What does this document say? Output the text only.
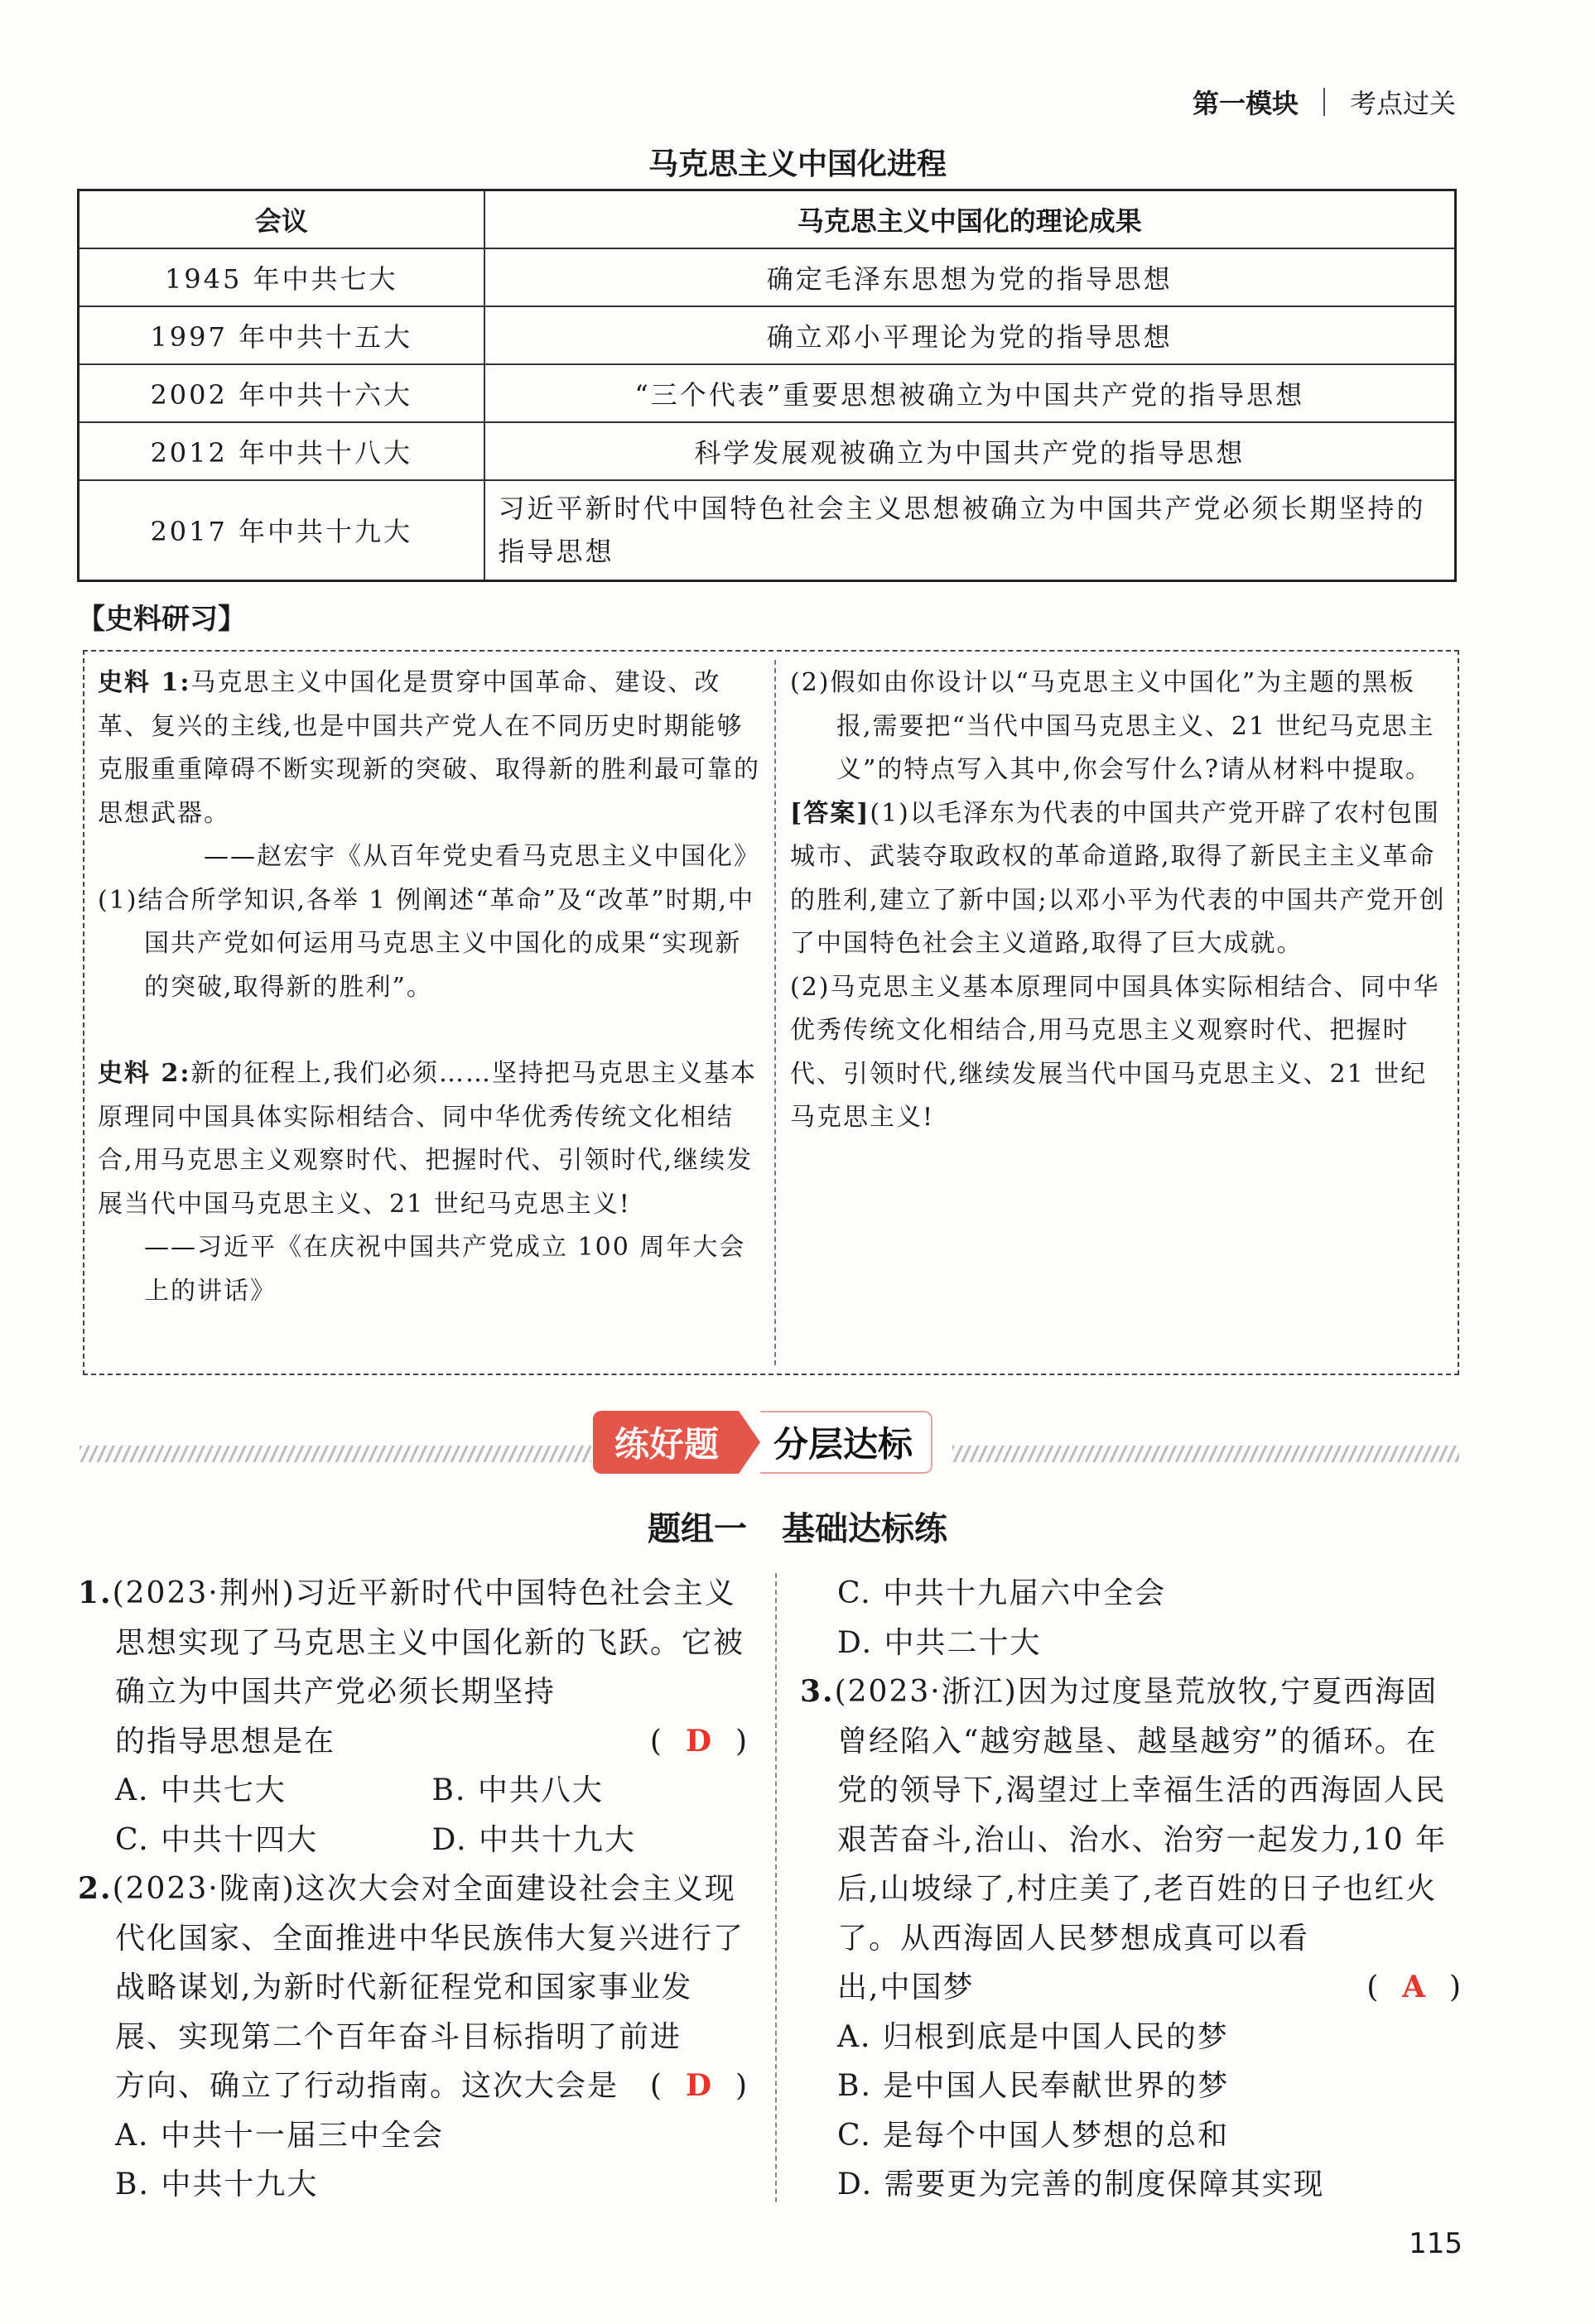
第一模块 考点过关
马克思主义中国化进程
会议	马克思主义中国化的理论成果
1945 年中共七大	确定毛泽东思想为党的指导思想
1997 年中共十五大	确立邓小平理论为党的指导思想
2002 年中共十六大	“三个代表”重要思想被确立为中国共产党的指导思想
2012 年中共十八大	科学发展观被确立为中国共产党的指导思想
2017 年中共十九大	习近平新时代中国特色社会主义思想被确立为中国共产党必须长期坚持的指导思想
【史料研习】

史料 1:马克思主义中国化是贯穿中国革命、建设、改革、复兴的主线,也是中国共产党人在不同历史时期能够克服重重障碍不断实现新的突破、取得新的胜利最可靠的思想武器。

——赵宏宇《从百年党史看马克思主义中国化》

(1)结合所学知识,各举 1 例阐述“革命”及“改革”时期,中国共产党如何运用马克思主义中国化的成果“实现新的突破,取得新的胜利”。

史料 2:新的征程上,我们必须……坚持把马克思主义基本原理同中国具体实际相结合、同中华优秀传统文化相结合,用马克思主义观察时代、把握时代、引领时代,继续发展当代中国马克思主义、21 世纪马克思主义!

——习近平《在庆祝中国共产党成立 100 周年大会上的讲话》

(2)假如由你设计以“马克思主义中国化”为主题的黑板报,需要把“当代中国马克思主义、21 世纪马克思主义”的特点写入其中,你会写什么?请从材料中提取。

[答案](1)以毛泽东为代表的中国共产党开辟了农村包围城市、武装夺取政权的革命道路,取得了新民主主义革命的胜利,建立了新中国;以邓小平为代表的中国共产党开创了中国特色社会主义道路,取得了巨大成就。

(2)马克思主义基本原理同中国具体实际相结合、同中华优秀传统文化相结合,用马克思主义观察时代、把握时代、引领时代,继续发展当代中国马克思主义、21 世纪马克思主义!

练好题	分层达标
题组一 基础达标练
1.(2023·荆州)习近平新时代中国特色社会主义思想实现了马克思主义中国化新的飞跃。它被确立为中国共产党必须长期坚持
的指导思想是在	(  D  )
A. 中共七大	B. 中共八大
C. 中共十四大	D. 中共十九大
2.(2023·陇南)这次大会对全面建设社会主义现代化国家、全面推进中华民族伟大复兴进行了战略谋划,为新时代新征程党和国家事业发展、实现第二个百年奋斗目标指明了前进
方向、确立了行动指南。这次大会是 (  D  )
A. 中共十一届三中全会
B. 中共十九大
C. 中共十九届六中全会
D. 中共二十大
3.(2023·浙江)因为过度垦荒放牧,宁夏西海固曾经陷入“越穷越垦、越垦越穷”的循环。在党的领导下,渴望过上幸福生活的西海固人民艰苦奋斗,治山、治水、治穷一起发力,10 年后,山坡绿了,村庄美了,老百姓的日子也红火了。从西海固人民梦想成真可以看
出,中国梦	(  A  )
A. 归根到底是中国人民的梦
B. 是中国人民奉献世界的梦
C. 是每个中国人梦想的总和
D. 需要更为完善的制度保障其实现
115
